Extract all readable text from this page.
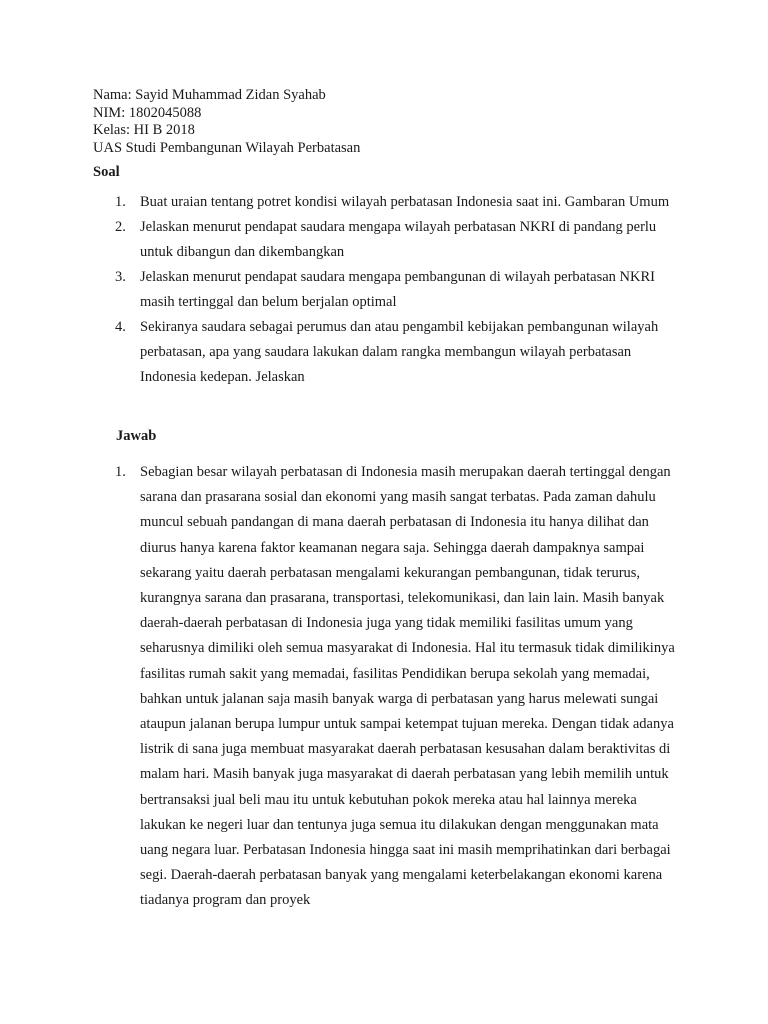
Nama: Sayid Muhammad Zidan Syahab
NIM: 1802045088
Kelas: HI B 2018
UAS Studi Pembangunan Wilayah Perbatasan
Soal
1. Buat uraian tentang potret kondisi wilayah perbatasan Indonesia saat ini. Gambaran Umum
2. Jelaskan menurut pendapat saudara mengapa wilayah perbatasan NKRI di pandang perlu untuk dibangun dan dikembangkan
3. Jelaskan menurut pendapat saudara mengapa pembangunan di wilayah perbatasan NKRI masih tertinggal dan belum berjalan optimal
4. Sekiranya saudara sebagai perumus dan atau pengambil kebijakan pembangunan wilayah perbatasan, apa yang saudara lakukan dalam rangka membangun wilayah perbatasan Indonesia kedepan. Jelaskan
Jawab
1. Sebagian besar wilayah perbatasan di Indonesia masih merupakan daerah tertinggal dengan sarana dan prasarana sosial dan ekonomi yang masih sangat terbatas. Pada zaman dahulu muncul sebuah pandangan di mana daerah perbatasan di Indonesia itu hanya dilihat dan diurus hanya karena faktor keamanan negara saja. Sehingga daerah dampaknya sampai sekarang yaitu daerah perbatasan mengalami kekurangan pembangunan, tidak terurus, kurangnya sarana dan prasarana, transportasi, telekomunikasi, dan lain lain. Masih banyak daerah-daerah perbatasan di Indonesia juga yang tidak memiliki fasilitas umum yang seharusnya dimiliki oleh semua masyarakat di Indonesia. Hal itu termasuk tidak dimilikinya fasilitas rumah sakit yang memadai, fasilitas Pendidikan berupa sekolah yang memadai, bahkan untuk jalanan saja masih banyak warga di perbatasan yang harus melewati sungai ataupun jalanan berupa lumpur untuk sampai ketempat tujuan mereka. Dengan tidak adanya listrik di sana juga membuat masyarakat daerah perbatasan kesusahan dalam beraktivitas di malam hari. Masih banyak juga masyarakat di daerah perbatasan yang lebih memilih untuk bertransaksi jual beli mau itu untuk kebutuhan pokok mereka atau hal lainnya mereka lakukan ke negeri luar dan tentunya juga semua itu dilakukan dengan menggunakan mata uang negara luar. Perbatasan Indonesia hingga saat ini masih memprihatinkan dari berbagai segi. Daerah-daerah perbatasan banyak yang mengalami keterbelakangan ekonomi karena tiadanya program dan proyek
